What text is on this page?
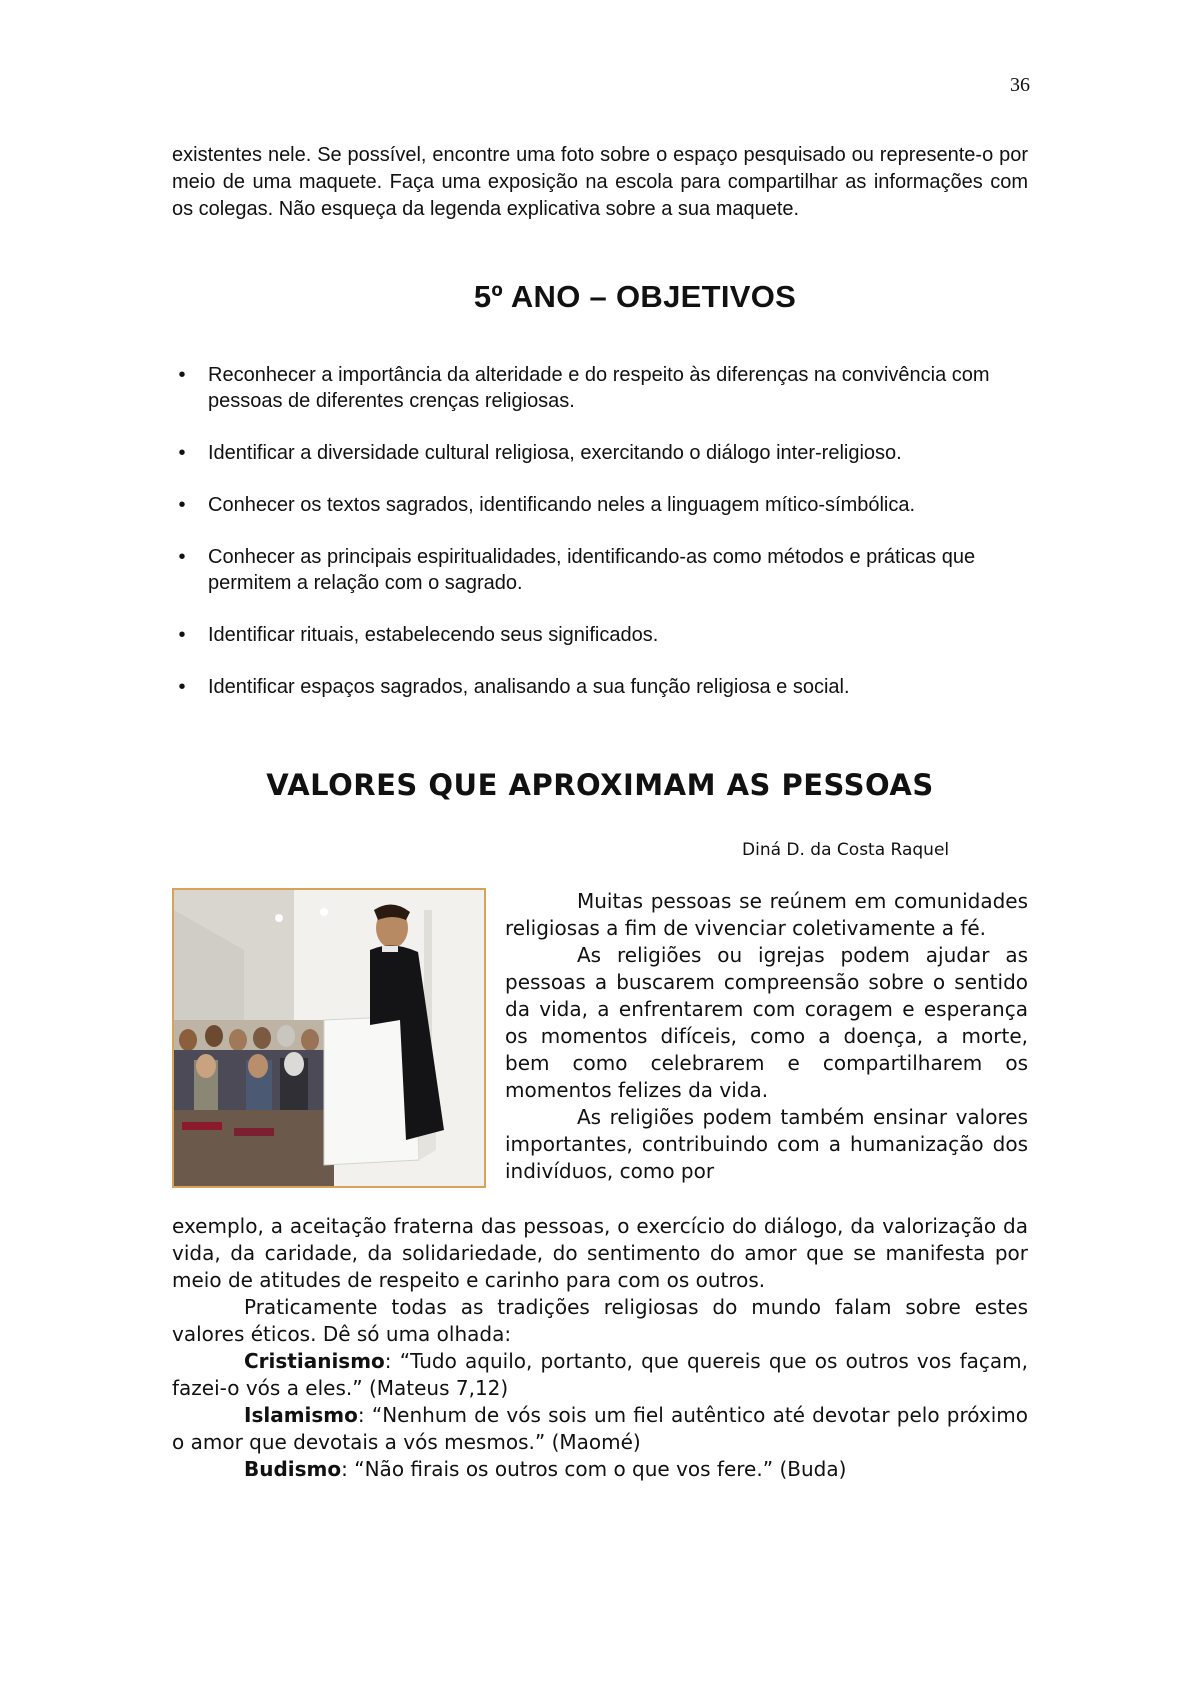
36
existentes nele. Se possível, encontre uma foto sobre o espaço pesquisado ou represente-o por meio de uma maquete. Faça uma exposição na escola para compartilhar as informações com os colegas. Não esqueça da legenda explicativa sobre a sua maquete.
5º ANO – OBJETIVOS
•	Reconhecer a importância da alteridade e do respeito às diferenças na convivência com pessoas de diferentes crenças religiosas.
•	Identificar a diversidade cultural religiosa, exercitando o diálogo inter-religioso.
•	Conhecer os textos sagrados, identificando neles a linguagem mítico-símbólica.
•	Conhecer as principais espiritualidades, identificando-as como métodos e práticas que permitem a relação com o sagrado.
•	Identificar rituais, estabelecendo seus significados.
•	Identificar espaços sagrados, analisando a sua função religiosa e social.
VALORES QUE APROXIMAM AS PESSOAS
Diná D. da Costa Raquel

Muitas pessoas se reúnem em comunidades religiosas a fim de vivenciar coletivamente a fé.

As religiões ou igrejas podem ajudar as pessoas a buscarem compreensão sobre o sentido da vida, a enfrentarem com coragem e esperança os momentos difíceis, como a doença, a morte, bem como celebrarem e compartilharem os momentos felizes da vida.

As religiões podem também ensinar valores importantes, contribuindo com a humanização dos indivíduos, como por

exemplo, a aceitação fraterna das pessoas, o exercício do diálogo, da valorização da vida, da caridade, da solidariedade, do sentimento do amor que se manifesta por meio de atitudes de respeito e carinho para com os outros.

Praticamente todas as tradições religiosas do mundo falam sobre estes valores éticos. Dê só uma olhada:

Cristianismo: “Tudo aquilo, portanto, que quereis que os outros vos façam, fazei-o vós a eles.” (Mateus 7,12)

Islamismo: “Nenhum de vós sois um fiel autêntico até devotar pelo próximo o amor que devotais a vós mesmos.” (Maomé)

Budismo: “Não firais os outros com o que vos fere.” (Buda)
